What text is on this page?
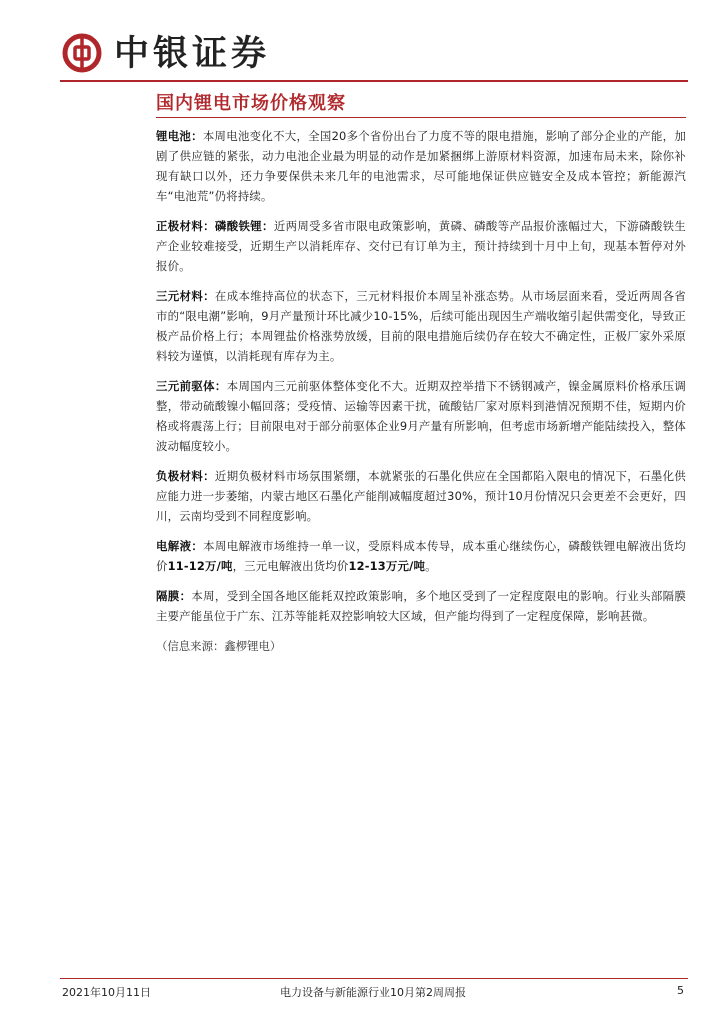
中银证券
国内锂电市场价格观察

锂电池：本周电池变化不大，全国20多个省份出台了力度不等的限电措施，影响了部分企业的产能，加剧了供应链的紧张，动力电池企业最为明显的动作是加紧捆绑上游原材料资源，加速布局未来，除你补现有缺口以外，还力争要保供未来几年的电池需求，尽可能地保证供应链安全及成本管控；新能源汽车“电池荒”仍将持续。

正极材料：磷酸铁锂：近两周受多省市限电政策影响，黄磷、磷酸等产品报价涨幅过大，下游磷酸铁生产企业较难接受，近期生产以消耗库存、交付已有订单为主，预计持续到十月中上旬，现基本暂停对外报价。

三元材料：在成本维持高位的状态下，三元材料报价本周呈补涨态势。从市场层面来看，受近两周各省市的“限电潮”影响，9月产量预计环比减少10-15%，后续可能出现因生产端收缩引起供需变化，导致正极产品价格上行；本周锂盐价格涨势放缓，目前的限电措施后续仍存在较大不确定性，正极厂家外采原料较为谨慎，以消耗现有库存为主。

三元前驱体：本周国内三元前驱体整体变化不大。近期双控举措下不锈钢减产，镍金属原料价格承压调整，带动硫酸镍小幅回落；受疫情、运输等因素干扰，硫酸钴厂家对原料到港情况预期不佳，短期内价格或将震荡上行；目前限电对于部分前驱体企业9月产量有所影响，但考虑市场新增产能陆续投入，整体波动幅度较小。

负极材料：近期负极材料市场氛围紧绷，本就紧张的石墨化供应在全国都陷入限电的情况下，石墨化供应能力进一步萎缩，内蒙古地区石墨化产能削减幅度超过30%，预计10月份情况只会更差不会更好，四川，云南均受到不同程度影响。

电解液：本周电解液市场维持一单一议，受原料成本传导，成本重心继续伤心，磷酸铁锂电解液出货均价11-12万/吨，三元电解液出货均价12-13万元/吨。

隔膜：本周，受到全国各地区能耗双控政策影响，多个地区受到了一定程度限电的影响。行业头部隔膜主要产能虽位于广东、江苏等能耗双控影响较大区域，但产能均得到了一定程度保障，影响甚微。

（信息来源：鑫椤锂电）
2021年10月11日	电力设备与新能源行业10月第2周周报	5
